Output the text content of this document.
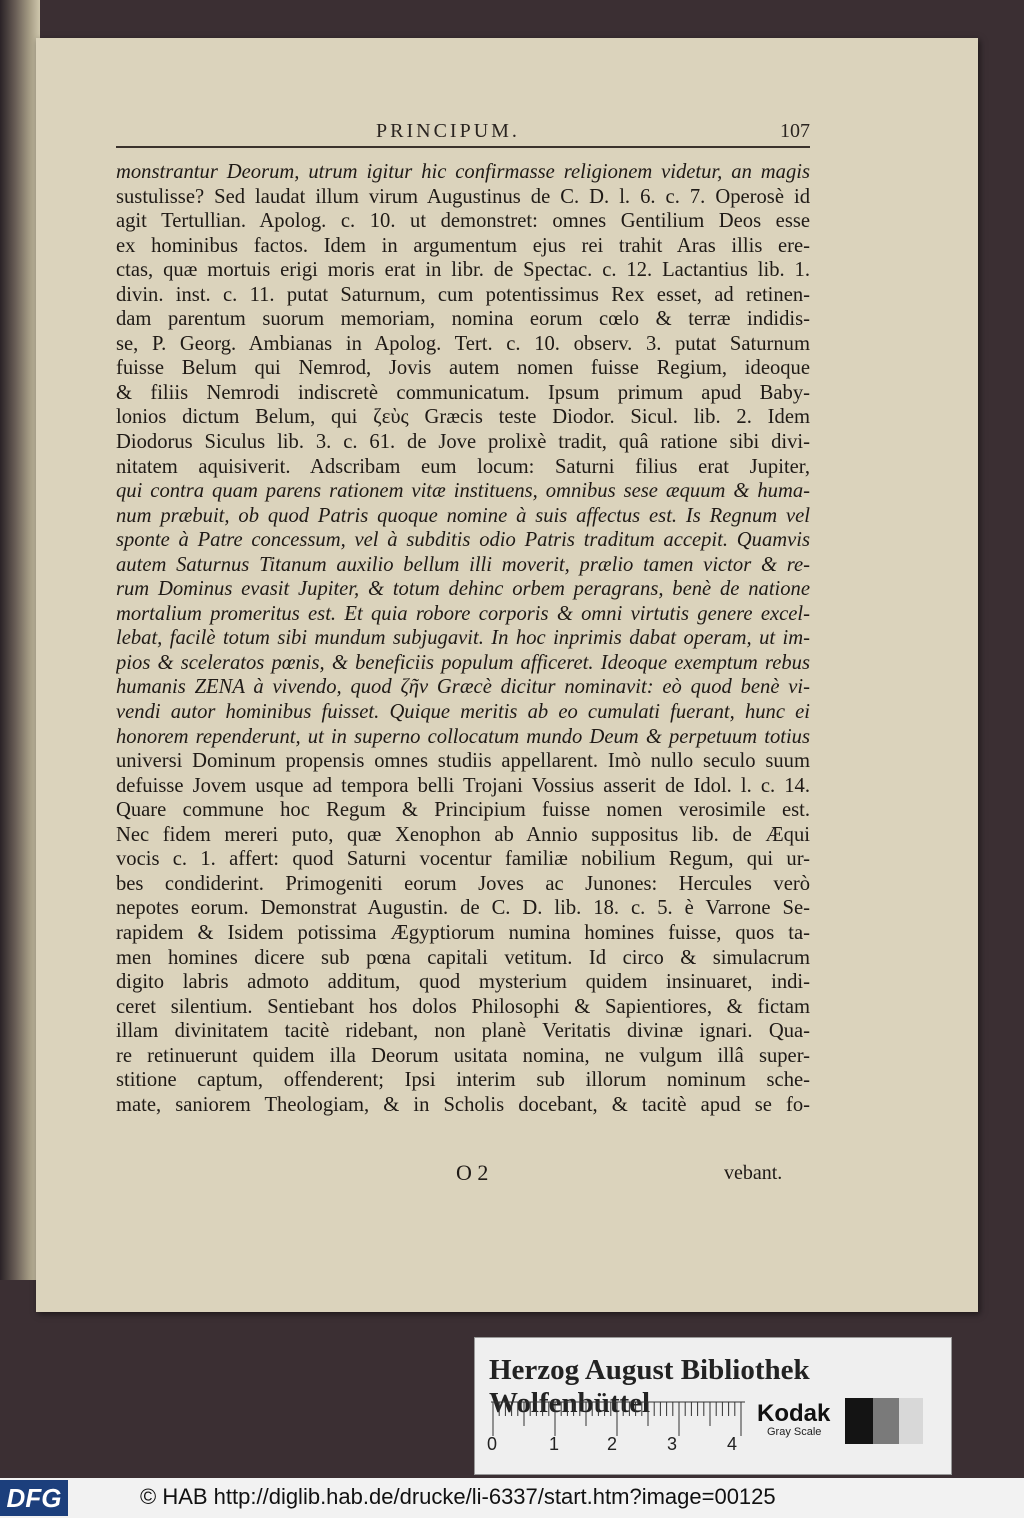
PRINCIPUM.	107
monstrantur Deorum, utrum igitur hic confirmasse religionem videtur, an magis
sustulisse? Sed laudat illum virum Augustinus de C. D. l. 6. c. 7. Operosè id
agit Tertullian. Apolog. c. 10. ut demonstret: omnes Gentilium Deos esse
ex hominibus factos. Idem in argumentum ejus rei trahit Aras illis ere-
ctas, quæ mortuis erigi moris erat in libr. de Spectac. c. 12. Lactantius lib. 1.
divin. inst. c. 11. putat Saturnum, cum potentissimus Rex esset, ad retinen-
dam parentum suorum memoriam, nomina eorum cœlo & terræ indidis-
se, P. Georg. Ambianas in Apolog. Tert. c. 10. observ. 3. putat Saturnum
fuisse Belum qui Nemrod, Jovis autem nomen fuisse Regium, ideoque
& filiis Nemrodi indiscretè communicatum. Ipsum primum apud Baby-
lonios dictum Belum, qui ζεὺς Græcis teste Diodor. Sicul. lib. 2. Idem
Diodorus Siculus lib. 3. c. 61. de Jove prolixè tradit, quâ ratione sibi divi-
nitatem aquisiverit. Adscribam eum locum: Saturni filius erat Jupiter,
qui contra quam parens rationem vitæ instituens, omnibus sese æquum & huma-
num præbuit, ob quod Patris quoque nomine à suis affectus est. Is Regnum vel
sponte à Patre concessum, vel à subditis odio Patris traditum accepit. Quamvis
autem Saturnus Titanum auxilio bellum illi moverit, prælio tamen victor & re-
rum Dominus evasit Jupiter, & totum dehinc orbem peragrans, benè de natione
mortalium promeritus est. Et quia robore corporis & omni virtutis genere excel-
lebat, facilè totum sibi mundum subjugavit. In hoc inprimis dabat operam, ut im-
pios & sceleratos pœnis, & beneficiis populum afficeret. Ideoque exemptum rebus
humanis ZENA à vivendo, quod ζῆν Græcè dicitur nominavit: eò quod benè vi-
vendi autor hominibus fuisset. Quique meritis ab eo cumulati fuerant, hunc ei
honorem rependerunt, ut in superno collocatum mundo Deum & perpetuum totius
universi Dominum propensis omnes studiis appellarent. Imò nullo seculo suum
defuisse Jovem usque ad tempora belli Trojani Vossius asserit de Idol. l. c. 14.
Quare commune hoc Regum & Principium fuisse nomen verosimile est.
Nec fidem mereri puto, quæ Xenophon ab Annio suppositus lib. de Æqui
vocis c. 1. affert: quod Saturni vocentur familiæ nobilium Regum, qui ur-
bes condiderint. Primogeniti eorum Joves ac Junones: Hercules verò
nepotes eorum. Demonstrat Augustin. de C. D. lib. 18. c. 5. è Varrone Se-
rapidem & Isidem potissima Ægyptiorum numina homines fuisse, quos ta-
men homines dicere sub pœna capitali vetitum. Id circo & simulacrum
digito labris admoto additum, quod mysterium quidem insinuaret, indi-
ceret silentium. Sentiebant hos dolos Philosophi & Sapientiores, & fictam
illam divinitatem tacitè ridebant, non planè Veritatis divinæ ignari. Qua-
re retinuerunt quidem illa Deorum usitata nomina, ne vulgum illâ super-
stitione captum, offenderent; Ipsi interim sub illorum nominum sche-
mate, saniorem Theologiam, & in Scholis docebant, & tacitè apud se fo-
O 2	vebant.
Herzog August Bibliothek Wolfenbüttel
0	1	2	3	4
Kodak
Gray Scale
DFG	© HAB http://diglib.hab.de/drucke/li-6337/start.htm?image=00125
